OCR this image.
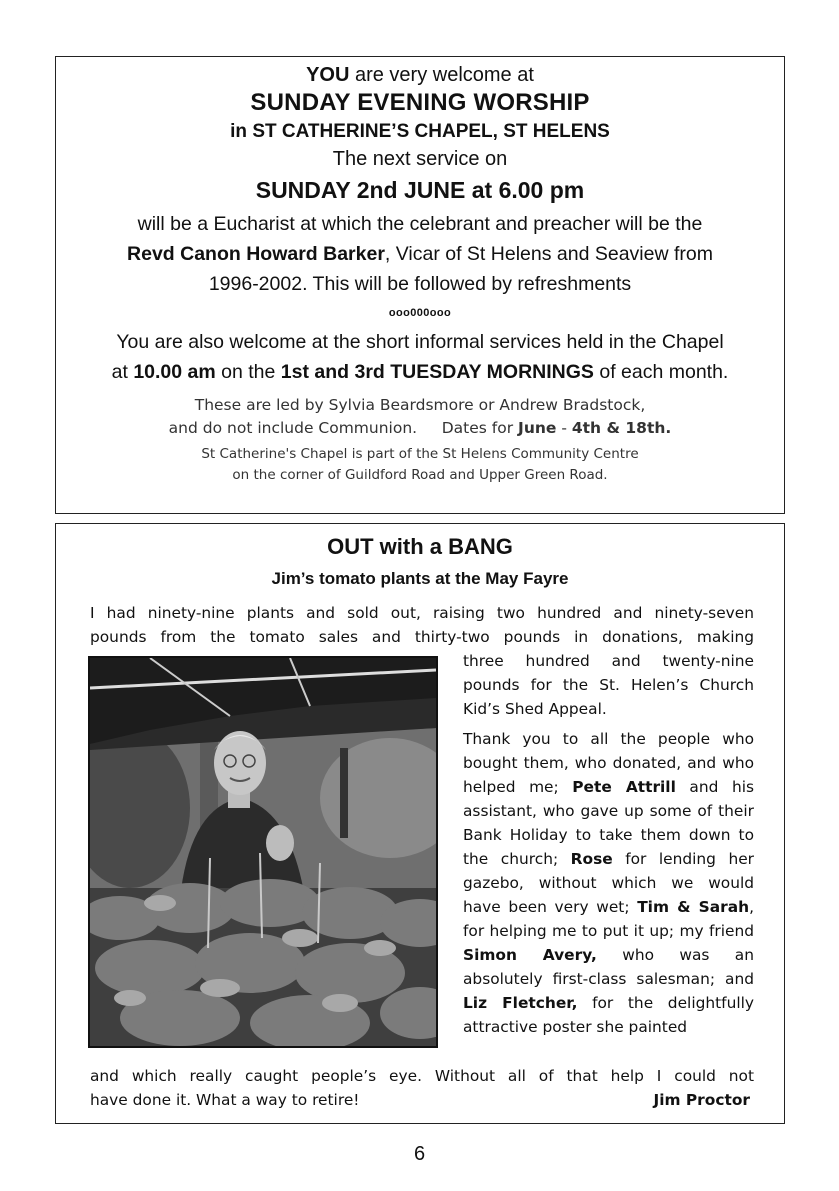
YOU are very welcome at
SUNDAY EVENING WORSHIP
in ST CATHERINE’S CHAPEL, ST HELENS
The next service on
SUNDAY 2nd JUNE at 6.00 pm
will be a Eucharist at which the celebrant and preacher will be the
Revd Canon Howard Barker, Vicar of St Helens and Seaview from
1996-2002. This will be followed by refreshments
ooo000ooo
You are also welcome at the short informal services held in the Chapel
at 10.00 am on the 1st and 3rd TUESDAY MORNINGS of each month.
These are led by Sylvia Beardsmore or Andrew Bradstock,
and do not include Communion. Dates for June - 4th & 18th.
St Catherine's Chapel is part of the St Helens Community Centre
on the corner of Guildford Road and Upper Green Road.
OUT with a BANG
Jim’s tomato plants at the May Fayre
I had ninety-nine plants and sold out, raising two hundred and ninety-seven
pounds from the tomato sales and thirty-two pounds in donations, making

three hundred and twenty-nine pounds for the St. Helen’s Church Kid’s Shed Appeal.

Thank you to all the people who bought them, who donated, and who helped me; Pete Attrill and his assistant, who gave up some of their Bank Holiday to take them down to the church; Rose for lending her gazebo, without which we would have been very wet; Tim & Sarah, for helping me to put it up; my friend Simon Avery, who was an absolutely first-class salesman; and Liz Fletcher, for the delightfully attractive poster she painted

and which really caught people’s eye. Without all of that help I could not
have done it. What a way to retire!	Jim Proctor
6
